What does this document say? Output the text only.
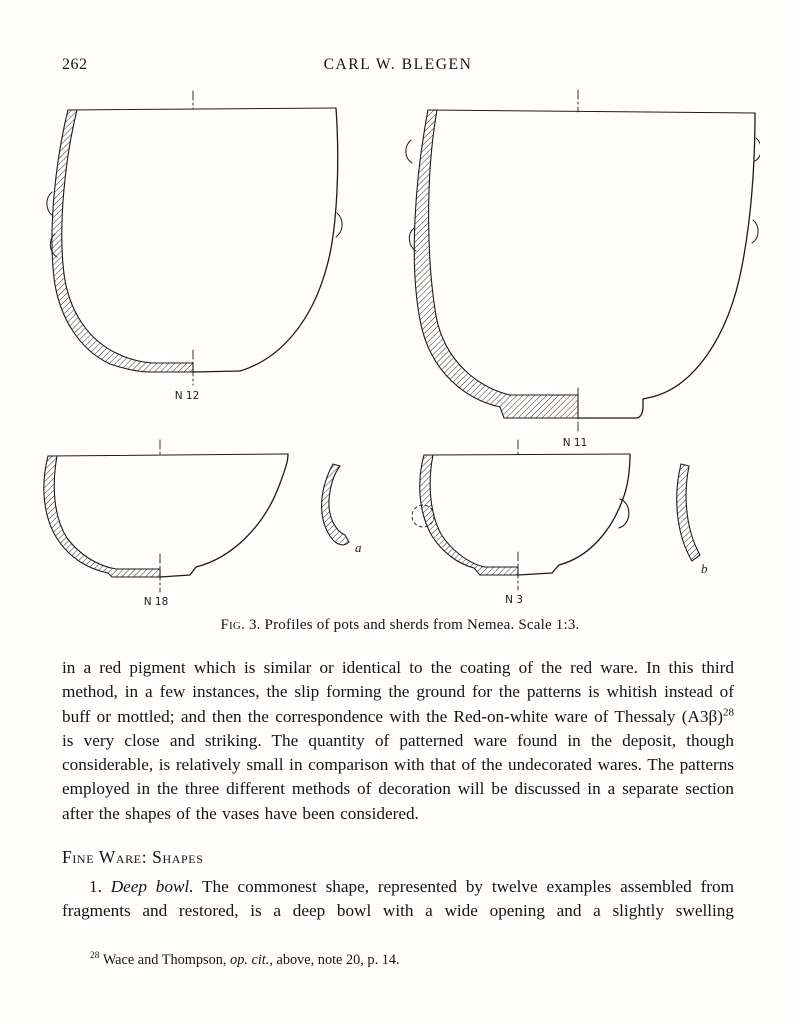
262	CARL W. BLEGEN
N 12
N 11
N 18
a
N 3
b
Fig. 3. Profiles of pots and sherds from Nemea. Scale 1:3.

in a red pigment which is similar or identical to the coating of the red ware. In this third method, in a few instances, the slip forming the ground for the patterns is whitish instead of buff or mottled; and then the correspondence with the Red-on-white ware of Thessaly $(A3\beta)^{28}$ is very close and striking. The quantity of patterned ware found in the deposit, though considerable, is relatively small in comparison with that of the undecorated wares. The patterns employed in the three different methods of decoration will be discussed in a separate section after the shapes of the vases have been considered.

Fine Ware: Shapes

1. Deep bowl. The commonest shape, represented by twelve examples assembled from fragments and restored, is a deep bowl with a wide opening and a slightly swelling

$^{28}$ Wace and Thompson, op. cit., above, note 20, p. 14.
